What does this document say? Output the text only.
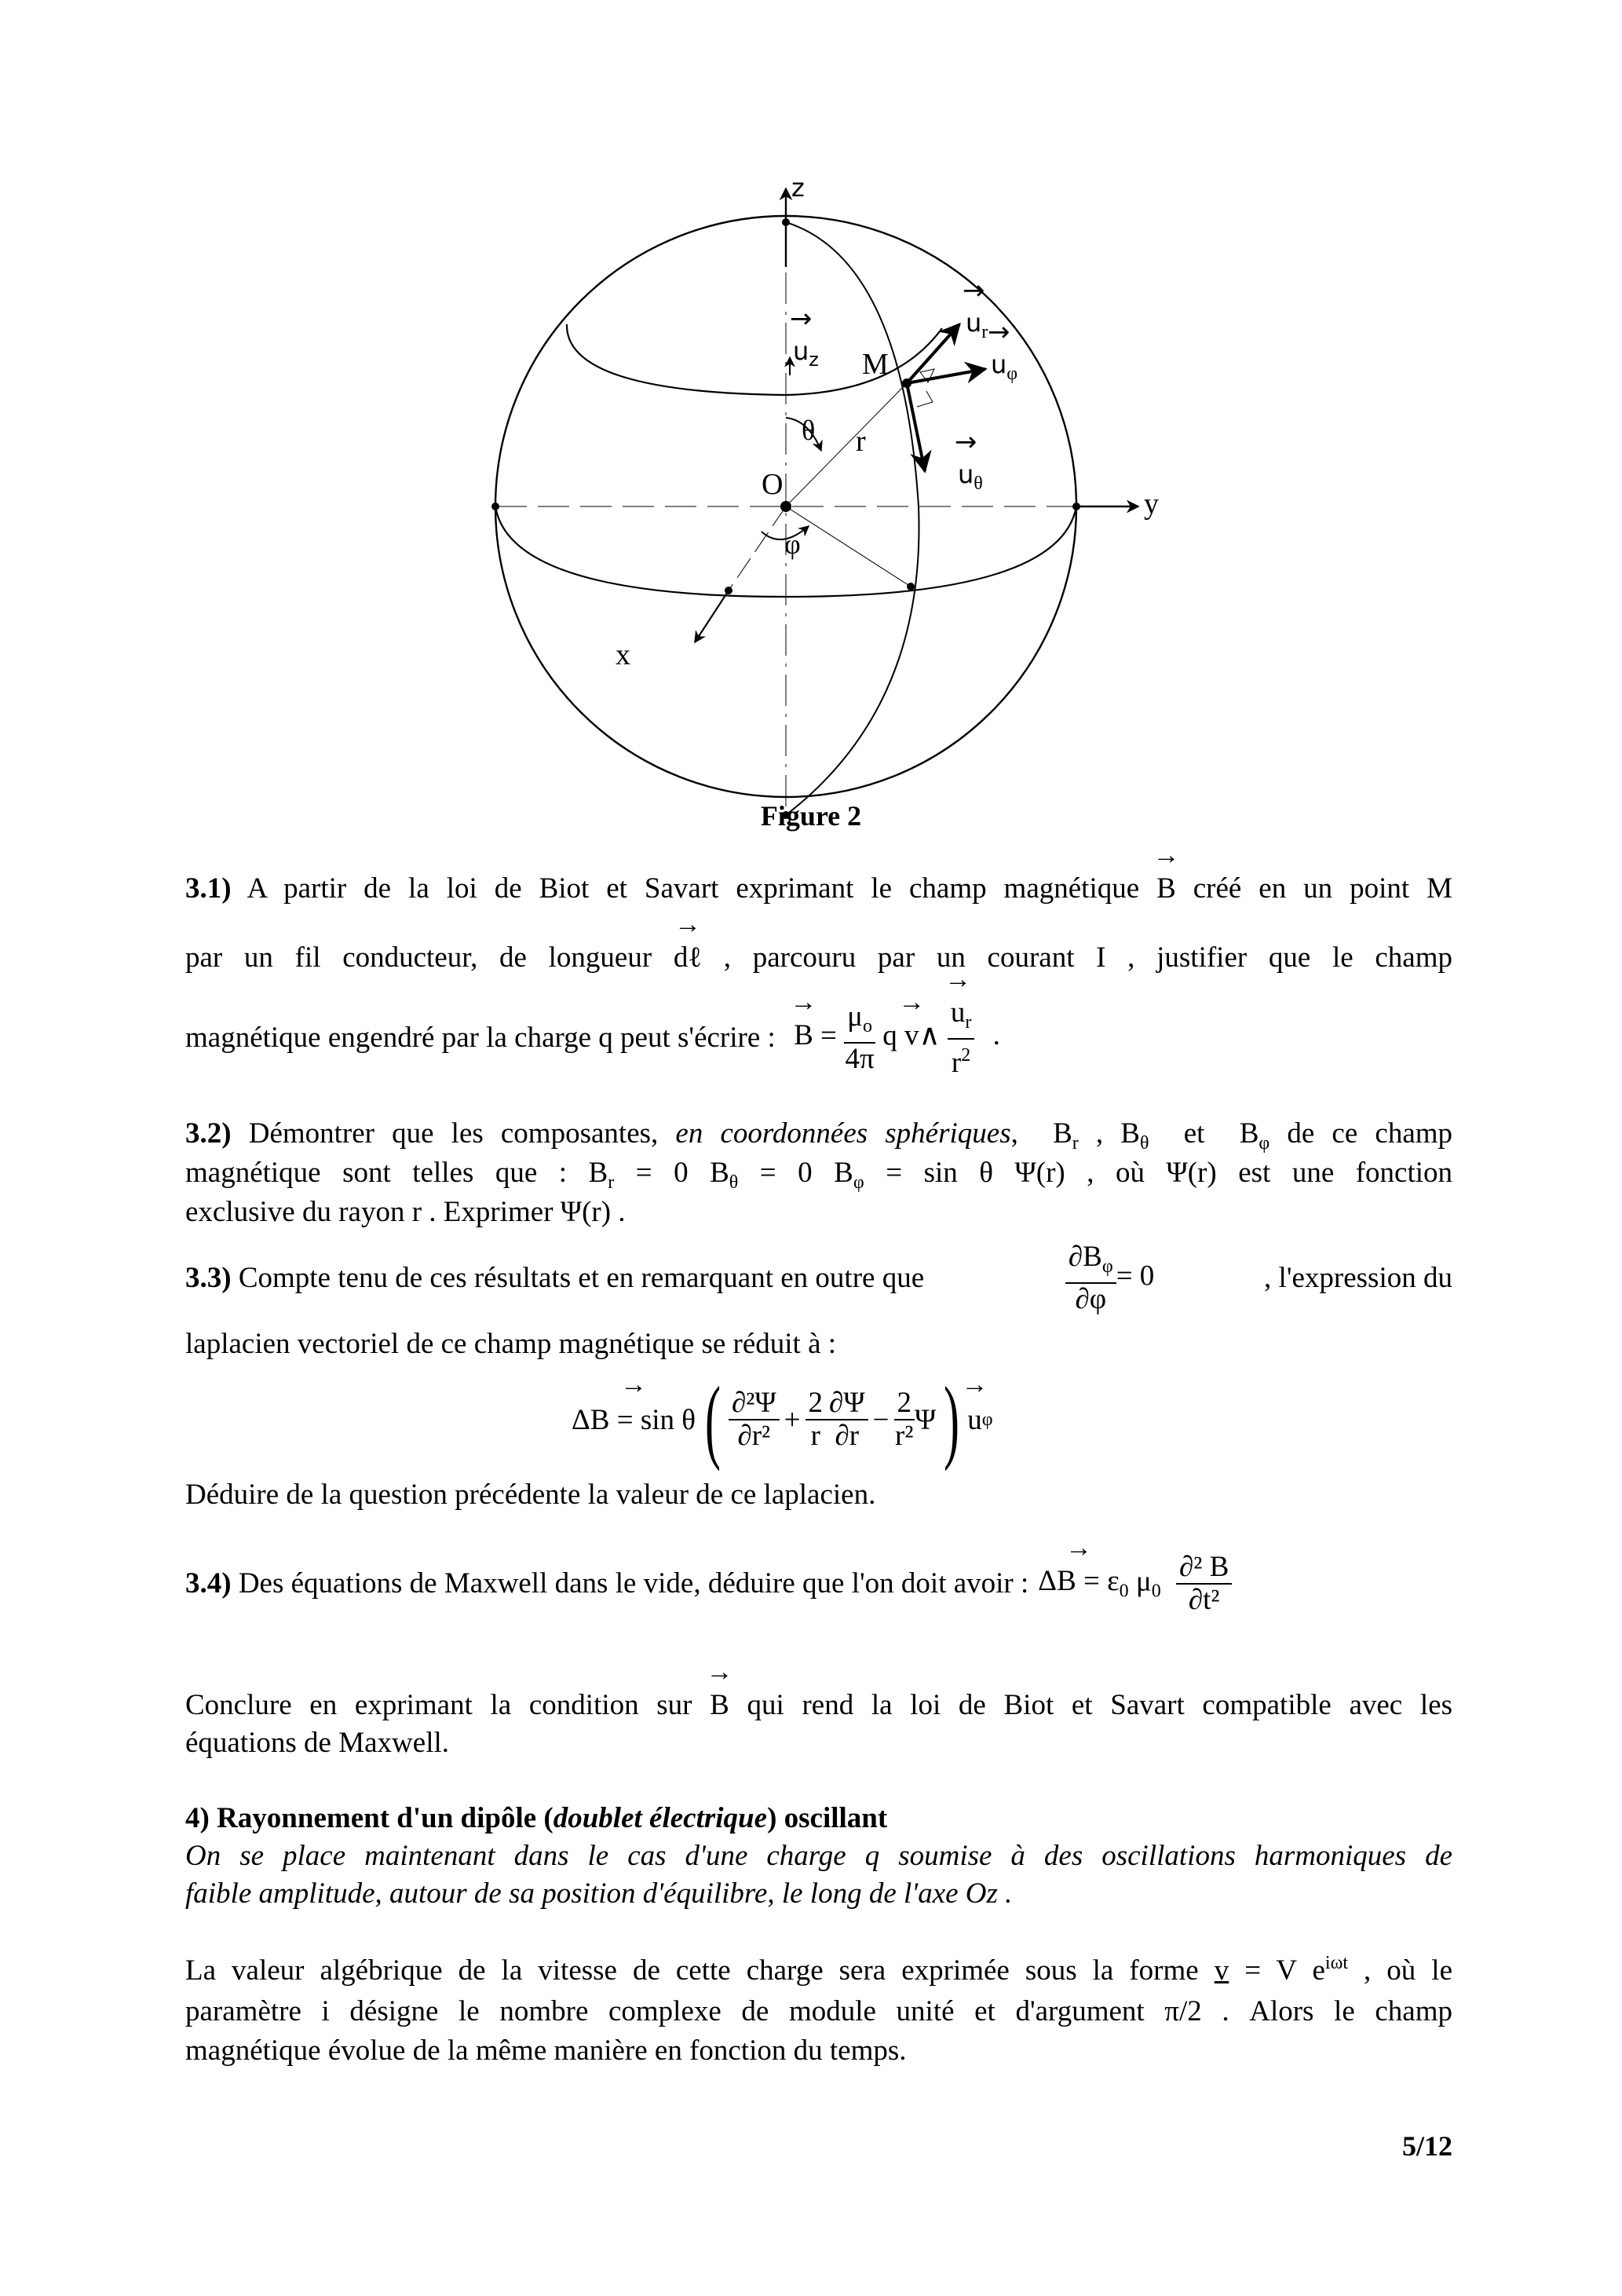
z
y
x
O
M
r
θ
φ
→ $u_z$
→ $u_r$
→ $u_\varphi$
→ $u_\theta$
Figure 2
3.1) A partir de la loi de Biot et Savart exprimant le champ magnétique → B créé en un point M
par un fil conducteur, de longueur → dℓ , parcouru par un courant I , justifier que le champ
magnétique engendré par la charge q peut s'écrire : → $B = \frac{\mu_o}{4\pi}$ q → v∧ → $\frac{u_r}{r^2}$ .
3.2) Démontrer que les composantes, en coordonnées sphériques,  $B_r$ , $B_\theta$  et  $B_\varphi$ de ce champ
magnétique sont telles que : $B_r = 0$ $B_\theta = 0$ $B_\varphi = \sin \theta$ Ψ(r) , où Ψ(r) est une fonction
exclusive du rayon r . Exprimer Ψ(r) .
3.3) Compte tenu de ces résultats et en remarquant en outre que	$\frac{\partial B_\varphi}{\partial\varphi} = 0$	, l'expression du
laplacien vectoriel de ce champ magnétique se réduit à :
→ ΔB = sin θ ( $\frac{\text{∂²Ψ}}{\text{∂r²}} + \frac{2}{r} \frac{\partial\Psi}{\partial r} - \frac{2}{\text{r²}}$ Ψ ) → u φ
Déduire de la question précédente la valeur de ce laplacien.
3.4) Des équations de Maxwell dans le vide, déduire que l'on doit avoir : → $\Delta B = \varepsilon_0$ $\mu_0 \frac{\text{∂² B}}{\text{∂t²}}$
Conclure en exprimant la condition sur → B qui rend la loi de Biot et Savart compatible avec les
équations de Maxwell.
4) Rayonnement d'un dipôle (doublet électrique) oscillant
On se place maintenant dans le cas d'une charge q soumise à des oscillations harmoniques de
faible amplitude, autour de sa position d'équilibre, le long de l'axe Oz .
La valeur algébrique de la vitesse de cette charge sera exprimée sous la forme v = V $e^{i\omega t}$ , où le
paramètre i désigne le nombre complexe de module unité et d'argument π/2 . Alors le champ
magnétique évolue de la même manière en fonction du temps.
5/12
